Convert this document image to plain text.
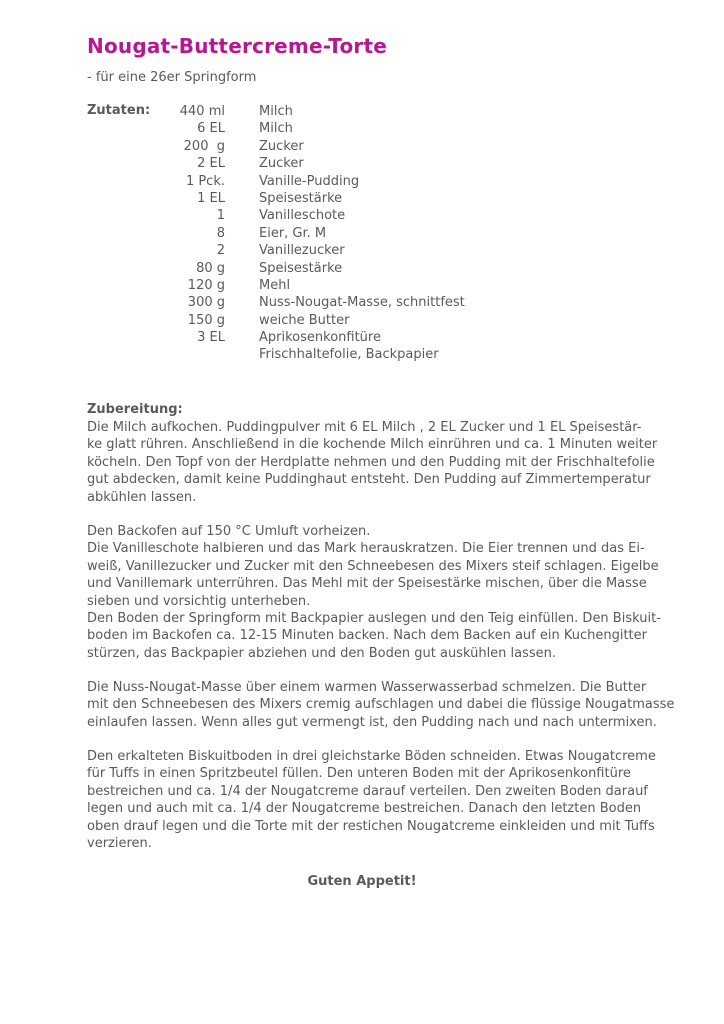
Nougat-Buttercreme-Torte
- für eine 26er Springform
Zutaten:	440 ml	Milch
6 EL	Milch
200  g	Zucker
2 EL	Zucker
1 Pck.	Vanille-Pudding
1 EL	Speisestärke
1	Vanilleschote
8	Eier, Gr. M
2	Vanillezucker
80 g	Speisestärke
120 g	Mehl
300 g	Nuss-Nougat-Masse, schnittfest
150 g	weiche Butter
3 EL	Aprikosenkonfitüre
Frischhaltefolie, Backpapier
Zubereitung:
Die Milch aufkochen. Puddingpulver mit 6 EL Milch , 2 EL Zucker und 1 EL Speisestär-
ke glatt rühren. Anschließend in die kochende Milch einrühren und ca. 1 Minuten weiter
köcheln. Den Topf von der Herdplatte nehmen und den Pudding mit der Frischhaltefolie
gut abdecken, damit keine Puddinghaut entsteht. Den Pudding auf Zimmertemperatur
abkühlen lassen.
Den Backofen auf 150 °C Umluft vorheizen.
Die Vanilleschote halbieren und das Mark herauskratzen. Die Eier trennen und das Ei-
weiß, Vanillezucker und Zucker mit den Schneebesen des Mixers steif schlagen. Eigelbe
und Vanillemark unterrühren. Das Mehl mit der Speisestärke mischen, über die Masse
sieben und vorsichtig unterheben.
Den Boden der Springform mit Backpapier auslegen und den Teig einfüllen. Den Biskuit-
boden im Backofen ca. 12-15 Minuten backen. Nach dem Backen auf ein Kuchengitter
stürzen, das Backpapier abziehen und den Boden gut auskühlen lassen.
Die Nuss-Nougat-Masse über einem warmen Wasserwasserbad schmelzen. Die Butter
mit den Schneebesen des Mixers cremig aufschlagen und dabei die flüssige Nougatmasse
einlaufen lassen. Wenn alles gut vermengt ist, den Pudding nach und nach untermixen.
Den erkalteten Biskuitboden in drei gleichstarke Böden schneiden. Etwas Nougatcreme
für Tuffs in einen Spritzbeutel füllen. Den unteren Boden mit der Aprikosenkonfitüre
bestreichen und ca. 1/4 der Nougatcreme darauf verteilen. Den zweiten Boden darauf
legen und auch mit ca. 1/4 der Nougatcreme bestreichen. Danach den letzten Boden
oben drauf legen und die Torte mit der restichen Nougatcreme einkleiden und mit Tuffs
verzieren.
Guten Appetit!
